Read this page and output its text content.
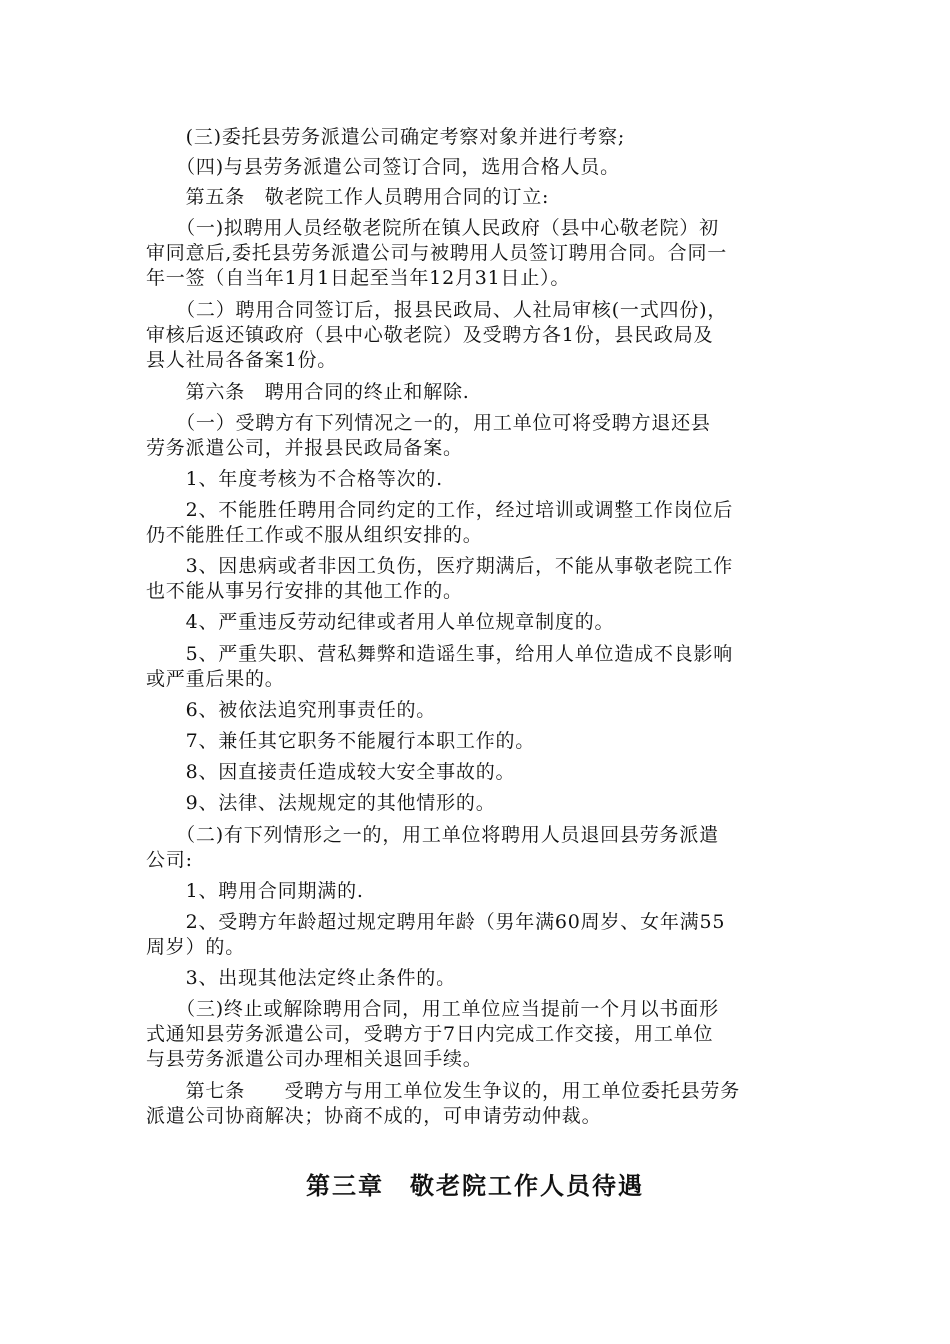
　　(三)委托县劳务派遣公司确定考察对象并进行考察;
　　（四)与县劳务派遣公司签订合同，选用合格人员。
　　第五条　敬老院工作人员聘用合同的订立:
　　（一)拟聘用人员经敬老院所在镇人民政府（县中心敬老院）初
审同意后,委托县劳务派遣公司与被聘用人员签订聘用合同。合同一
年一签（自当年1月1日起至当年12月31日止）。
　　（二）聘用合同签订后，报县民政局、人社局审核(一式四份)，
审核后返还镇政府（县中心敬老院）及受聘方各1份，县民政局及
县人社局各备案1份。
　　第六条　聘用合同的终止和解除.
　　（一）受聘方有下列情况之一的，用工单位可将受聘方退还县
劳务派遣公司，并报县民政局备案。
　　1、年度考核为不合格等次的.
　　2、不能胜任聘用合同约定的工作，经过培训或调整工作岗位后
仍不能胜任工作或不服从组织安排的。
　　3、因患病或者非因工负伤，医疗期满后，不能从事敬老院工作
也不能从事另行安排的其他工作的。
　　4、严重违反劳动纪律或者用人单位规章制度的。
　　5、严重失职、营私舞弊和造谣生事，给用人单位造成不良影响
或严重后果的。
　　6、被依法追究刑事责任的。
　　7、兼任其它职务不能履行本职工作的。
　　8、因直接责任造成较大安全事故的。
　　9、法律、法规规定的其他情形的。
　　（二)有下列情形之一的，用工单位将聘用人员退回县劳务派遣
公司:
　　1、聘用合同期满的.
　　2、受聘方年龄超过规定聘用年龄（男年满60周岁、女年满55
周岁）的。
　　3、出现其他法定终止条件的。
　　（三)终止或解除聘用合同，用工单位应当提前一个月以书面形
式通知县劳务派遣公司，受聘方于7日内完成工作交接，用工单位
与县劳务派遣公司办理相关退回手续。
　　第七条　　受聘方与用工单位发生争议的，用工单位委托县劳务
派遣公司协商解决；协商不成的，可申请劳动仲裁。
第三章　敬老院工作人员待遇
